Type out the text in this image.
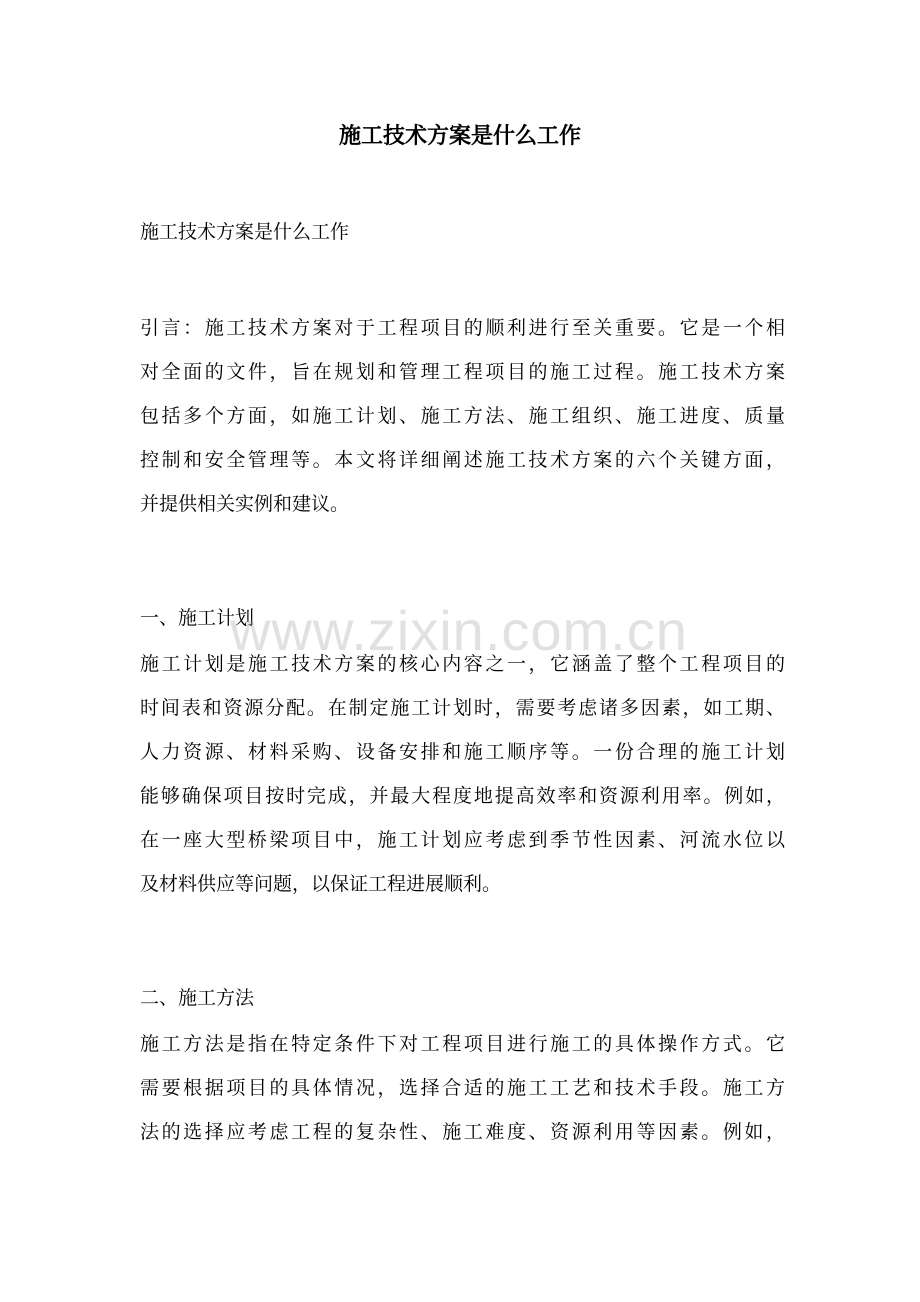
施工技术方案是什么工作
施工技术方案是什么工作
引言：施工技术方案对于工程项目的顺利进行至关重要。它是一个相
对全面的文件，旨在规划和管理工程项目的施工过程。施工技术方案
包括多个方面，如施工计划、施工方法、施工组织、施工进度、质量
控制和安全管理等。本文将详细阐述施工技术方案的六个关键方面，
并提供相关实例和建议。
一、施工计划
施工计划是施工技术方案的核心内容之一，它涵盖了整个工程项目的
时间表和资源分配。在制定施工计划时，需要考虑诸多因素，如工期、
人力资源、材料采购、设备安排和施工顺序等。一份合理的施工计划
能够确保项目按时完成，并最大程度地提高效率和资源利用率。例如，
在一座大型桥梁项目中，施工计划应考虑到季节性因素、河流水位以
及材料供应等问题，以保证工程进展顺利。
二、施工方法
施工方法是指在特定条件下对工程项目进行施工的具体操作方式。它
需要根据项目的具体情况，选择合适的施工工艺和技术手段。施工方
法的选择应考虑工程的复杂性、施工难度、资源利用等因素。例如，
www.zixin.com.cn
